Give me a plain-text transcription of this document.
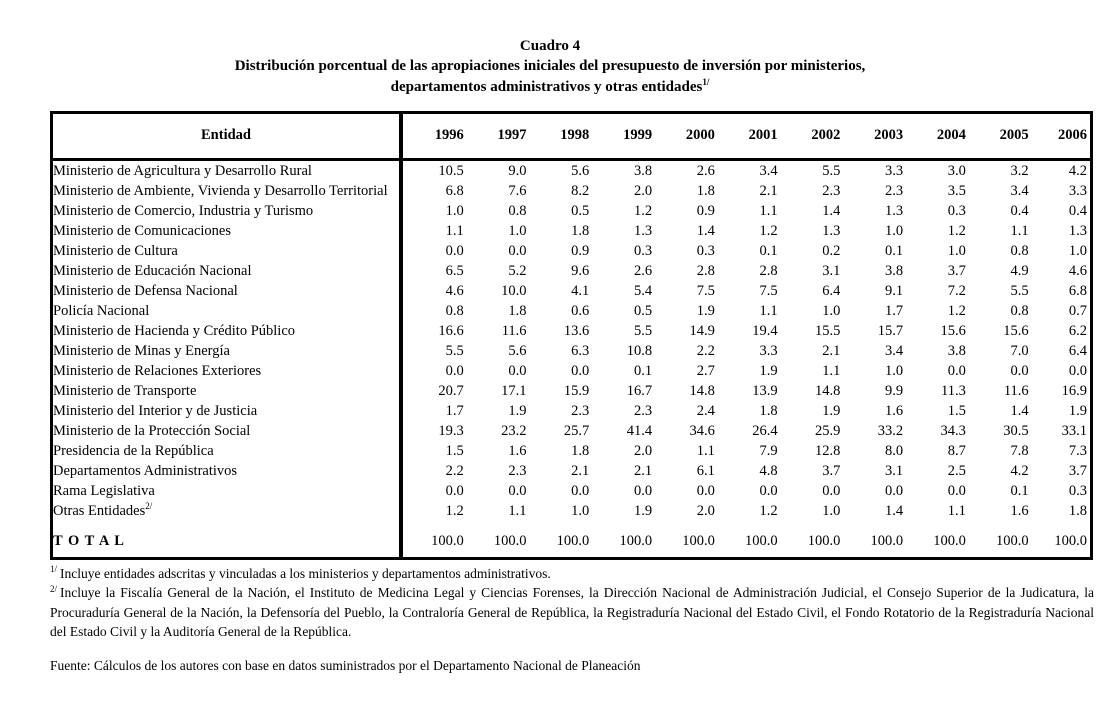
Cuadro 4
Distribución porcentual de las apropiaciones iniciales del presupuesto de inversión por ministerios,
departamentos administrativos y otras entidades$^{1/}$
Entidad	1996	1997	1998	1999	2000	2001	2002	2003	2004	2005	2006
Ministerio de Agricultura y Desarrollo Rural	10.5	9.0	5.6	3.8	2.6	3.4	5.5	3.3	3.0	3.2	4.2
Ministerio de Ambiente, Vivienda y Desarrollo Territorial	6.8	7.6	8.2	2.0	1.8	2.1	2.3	2.3	3.5	3.4	3.3
Ministerio de Comercio, Industria y Turismo	1.0	0.8	0.5	1.2	0.9	1.1	1.4	1.3	0.3	0.4	0.4
Ministerio de Comunicaciones	1.1	1.0	1.8	1.3	1.4	1.2	1.3	1.0	1.2	1.1	1.3
Ministerio de Cultura	0.0	0.0	0.9	0.3	0.3	0.1	0.2	0.1	1.0	0.8	1.0
Ministerio de Educación Nacional	6.5	5.2	9.6	2.6	2.8	2.8	3.1	3.8	3.7	4.9	4.6
Ministerio de Defensa Nacional	4.6	10.0	4.1	5.4	7.5	7.5	6.4	9.1	7.2	5.5	6.8
Policía Nacional	0.8	1.8	0.6	0.5	1.9	1.1	1.0	1.7	1.2	0.8	0.7
Ministerio de Hacienda y Crédito Público	16.6	11.6	13.6	5.5	14.9	19.4	15.5	15.7	15.6	15.6	6.2
Ministerio de Minas y Energía	5.5	5.6	6.3	10.8	2.2	3.3	2.1	3.4	3.8	7.0	6.4
Ministerio de Relaciones Exteriores	0.0	0.0	0.0	0.1	2.7	1.9	1.1	1.0	0.0	0.0	0.0
Ministerio de Transporte	20.7	17.1	15.9	16.7	14.8	13.9	14.8	9.9	11.3	11.6	16.9
Ministerio del Interior y de Justicia	1.7	1.9	2.3	2.3	2.4	1.8	1.9	1.6	1.5	1.4	1.9
Ministerio de la Protección Social	19.3	23.2	25.7	41.4	34.6	26.4	25.9	33.2	34.3	30.5	33.1
Presidencia de la República	1.5	1.6	1.8	2.0	1.1	7.9	12.8	8.0	8.7	7.8	7.3
Departamentos Administrativos	2.2	2.3	2.1	2.1	6.1	4.8	3.7	3.1	2.5	4.2	3.7
Rama Legislativa	0.0	0.0	0.0	0.0	0.0	0.0	0.0	0.0	0.0	0.1	0.3
Otras Entidades$^{2/}$	1.2	1.1	1.0	1.9	2.0	1.2	1.0	1.4	1.1	1.6	1.8
T O T A L	100.0	100.0	100.0	100.0	100.0	100.0	100.0	100.0	100.0	100.0	100.0
$^{1/}$ Incluye entidades adscritas y vinculadas a los ministerios y departamentos administrativos.
$^{2/}$ Incluye la Fiscalía General de la Nación, el Instituto de Medicina Legal y Ciencias Forenses, la Dirección Nacional de Administración Judicial, el Consejo Superior de la Judicatura, la Procuraduría General de la Nación, la Defensoría del Pueblo, la Contraloría General de República, la Registraduría Nacional del Estado Civil, el Fondo Rotatorio de la Registraduría Nacional del Estado Civil y la Auditoría General de la República.
Fuente: Cálculos de los autores con base en datos suministrados por el Departamento Nacional de Planeación
